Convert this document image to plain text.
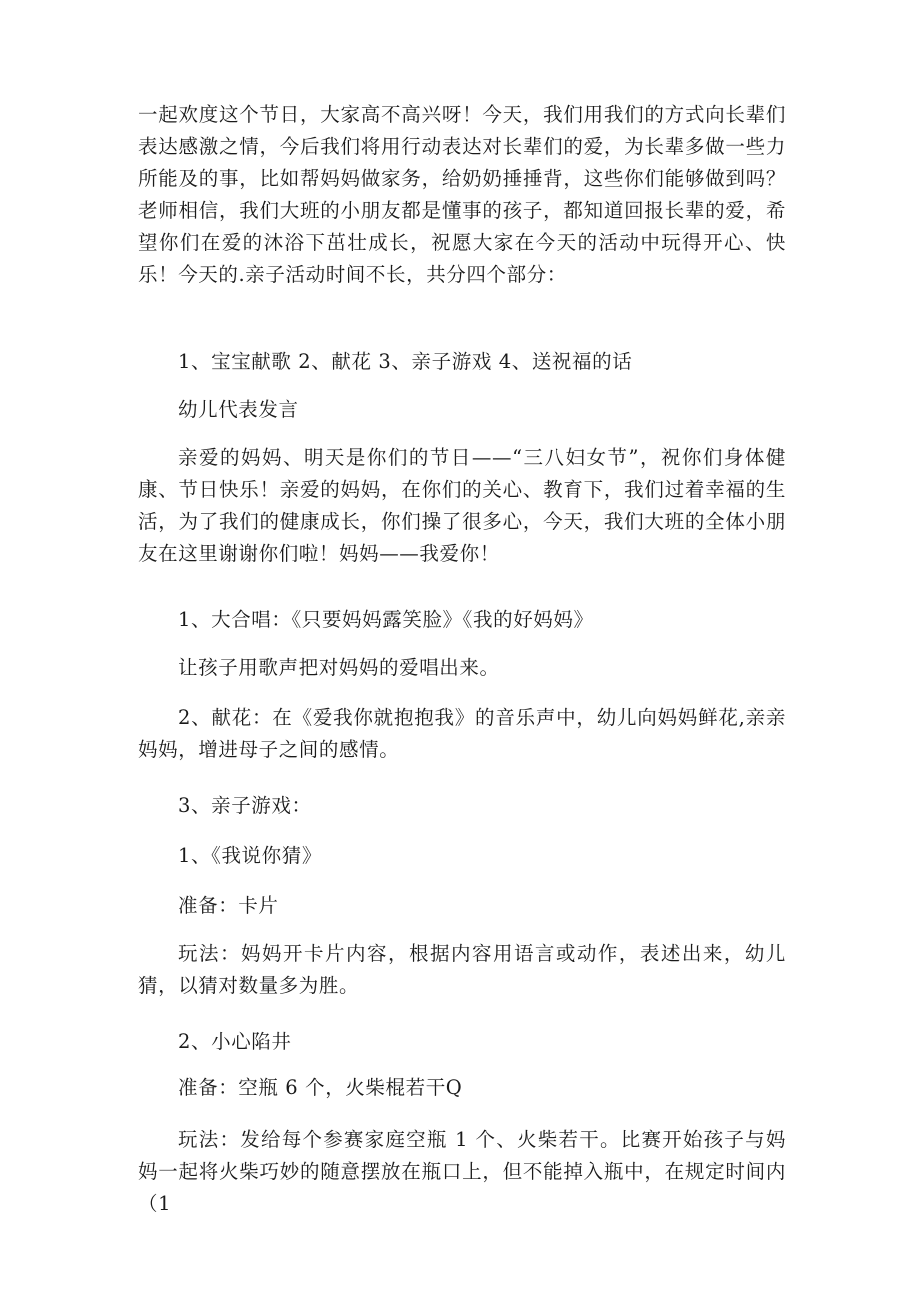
一起欢度这个节日，大家高不高兴呀！今天，我们用我们的方式向长辈们表达感激之情，今后我们将用行动表达对长辈们的爱，为长辈多做一些力所能及的事，比如帮妈妈做家务，给奶奶捶捶背，这些你们能够做到吗？老师相信，我们大班的小朋友都是懂事的孩子，都知道回报长辈的爱，希望你们在爱的沐浴下茁壮成长，祝愿大家在今天的活动中玩得开心、快乐！今天的.亲子活动时间不长，共分四个部分：

1、宝宝献歌 2、献花 3、亲子游戏 4、送祝福的话

幼儿代表发言

亲爱的妈妈、明天是你们的节日——“三八妇女节”，祝你们身体健康、节日快乐！亲爱的妈妈，在你们的关心、教育下，我们过着幸福的生活，为了我们的健康成长，你们操了很多心，今天，我们大班的全体小朋友在这里谢谢你们啦！妈妈——我爱你！

1、大合唱：《只要妈妈露笑脸》《我的好妈妈》

让孩子用歌声把对妈妈的爱唱出来。

2、献花：在《爱我你就抱抱我》的音乐声中，幼儿向妈妈鲜花,亲亲妈妈，增进母子之间的感情。

3、亲子游戏：

1、《我说你猜》

准备：卡片

玩法：妈妈开卡片内容，根据内容用语言或动作，表述出来，幼儿猜，以猜对数量多为胜。

2、小心陷井

准备：空瓶 6 个，火柴棍若干Q

玩法：发给每个参赛家庭空瓶 1 个、火柴若干。比赛开始孩子与妈妈一起将火柴巧妙的随意摆放在瓶口上，但不能掉入瓶中，在规定时间内（1
